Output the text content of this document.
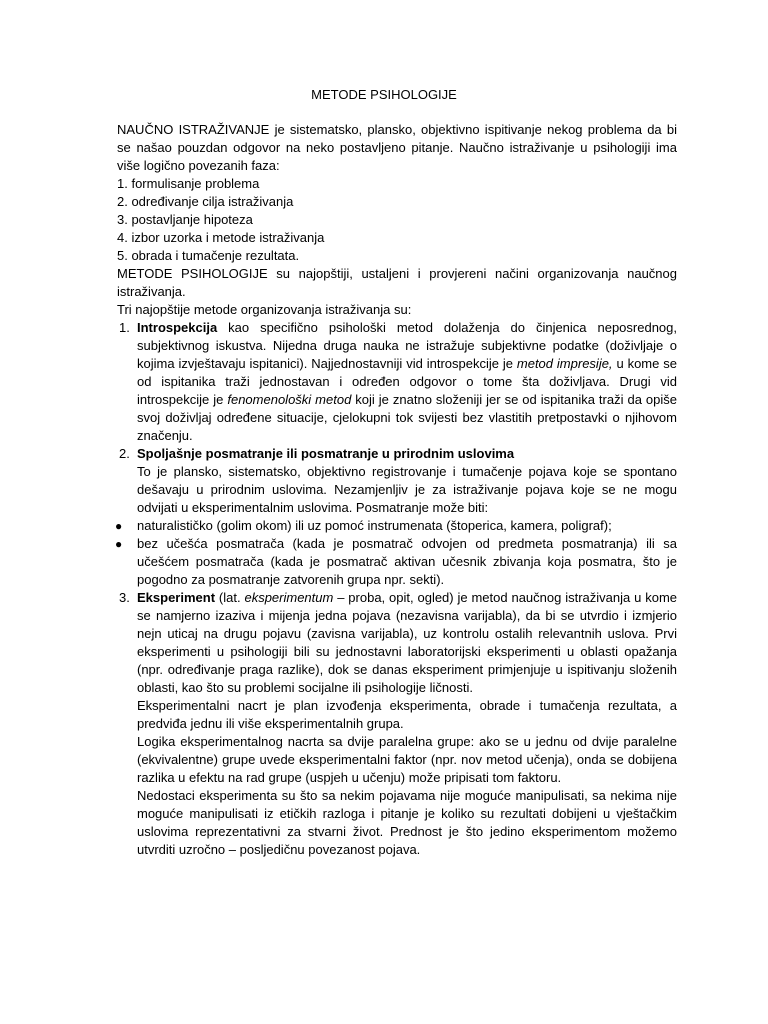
METODE PSIHOLOGIJE

NAUČNO ISTRAŽIVANJE je sistematsko, plansko, objektivno ispitivanje nekog problema da bi se našao pouzdan odgovor na neko postavljeno pitanje. Naučno istraživanje u psihologiji ima više logično povezanih faza:

1. formulisanje problema

2. određivanje cilja istraživanja

3. postavljanje hipoteza

4. izbor uzorka i metode istraživanja

5. obrada i tumačenje rezultata.

METODE PSIHOLOGIJE su najopštiji, ustaljeni i provjereni načini organizovanja naučnog istraživanja.

Tri najopštije metode organizovanja istraživanja su:

1. Introspekcija kao specifično psihološki metod dolaženja do činjenica neposrednog, subjektivnog iskustva. Nijedna druga nauka ne istražuje subjektivne podatke (doživljaje o kojima izvještavaju ispitanici). Najjednostavniji vid introspekcije je metod impresije, u kome se od ispitanika traži jednostavan i određen odgovor o tome šta doživljava. Drugi vid introspekcije je fenomenološki metod koji je znatno složeniji jer se od ispitanika traži da opiše svoj doživljaj određene situacije, cjelokupni tok svijesti bez vlastitih pretpostavki o njihovom značenju.

2. Spoljašnje posmatranje ili posmatranje u prirodnim uslovima

To je plansko, sistematsko, objektivno registrovanje i tumačenje pojava koje se spontano dešavaju u prirodnim uslovima. Nezamjenljiv je za istraživanje pojava koje se ne mogu odvijati u eksperimentalnim uslovima. Posmatranje može biti:

● naturalističko (golim okom) ili uz pomoć instrumenata (štoperica, kamera, poligraf);
● bez učešća posmatrača (kada je posmatrač odvojen od predmeta posmatranja) ili sa učešćem posmatrača (kada je posmatrač aktivan učesnik zbivanja koja posmatra, što je pogodno za posmatranje zatvorenih grupa npr. sekti).
3. Eksperiment (lat. eksperimentum – proba, opit, ogled) je metod naučnog istraživanja u kome se namjerno izaziva i mijenja jedna pojava (nezavisna varijabla), da bi se utvrdio i izmjerio nejn uticaj na drugu pojavu (zavisna varijabla), uz kontrolu ostalih relevantnih uslova. Prvi eksperimenti u psihologiji bili su jednostavni laboratorijski eksperimenti u oblasti opažanja (npr. određivanje praga razlike), dok se danas eksperiment primjenjuje u ispitivanju složenih oblasti, kao što su problemi socijalne ili psihologije ličnosti.

Eksperimentalni nacrt je plan izvođenja eksperimenta, obrade i tumačenja rezultata, a predviđa jednu ili više eksperimentalnih grupa.

Logika eksperimentalnog nacrta sa dvije paralelna grupe: ako se u jednu od dvije paralelne (ekvivalentne) grupe uvede eksperimentalni faktor (npr. nov metod učenja), onda se dobijena razlika u efektu na rad grupe (uspjeh u učenju) može pripisati tom faktoru.

Nedostaci eksperimenta su što sa nekim pojavama nije moguće manipulisati, sa nekima nije moguće manipulisati iz etičkih razloga i pitanje je koliko su rezultati dobijeni u vještačkim uslovima reprezentativni za stvarni život. Prednost je što jedino eksperimentom možemo utvrditi uzročno – posljedičnu povezanost pojava.
